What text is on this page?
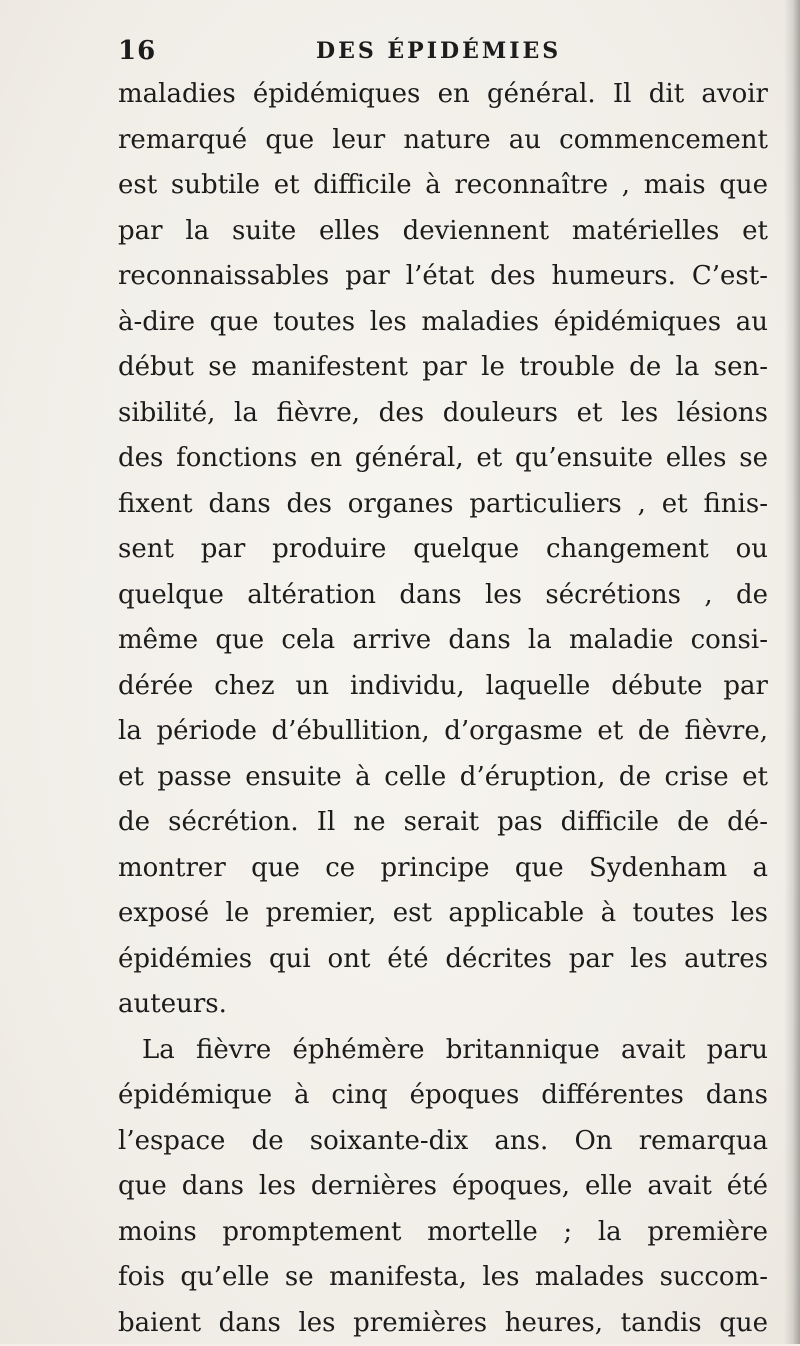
16	DES ÉPIDÉMIES
maladies épidémiques en général. Il dit avoir
remarqué que leur nature au commencement
est subtile et difficile à reconnaître , mais que
par la suite elles deviennent matérielles et
reconnaissables par l’état des humeurs. C’est-
à-dire que toutes les maladies épidémiques au
début se manifestent par le trouble de la sen-
sibilité, la fièvre, des douleurs et les lésions
des fonctions en général, et qu’ensuite elles se
fixent dans des organes particuliers , et finis-
sent par produire quelque changement ou
quelque altération dans les sécrétions , de
même que cela arrive dans la maladie consi-
dérée chez un individu, laquelle débute par
la période d’ébullition, d’orgasme et de fièvre,
et passe ensuite à celle d’éruption, de crise et
de sécrétion. Il ne serait pas difficile de dé-
montrer que ce principe que Sydenham a
exposé le premier, est applicable à toutes les
épidémies qui ont été décrites par les autres
auteurs.
La fièvre éphémère britannique avait paru
épidémique à cinq époques différentes dans
l’espace de soixante-dix ans. On remarqua
que dans les dernières époques, elle avait été
moins promptement mortelle ; la première
fois qu’elle se manifesta, les malades succom-
baient dans les premières heures, tandis que
